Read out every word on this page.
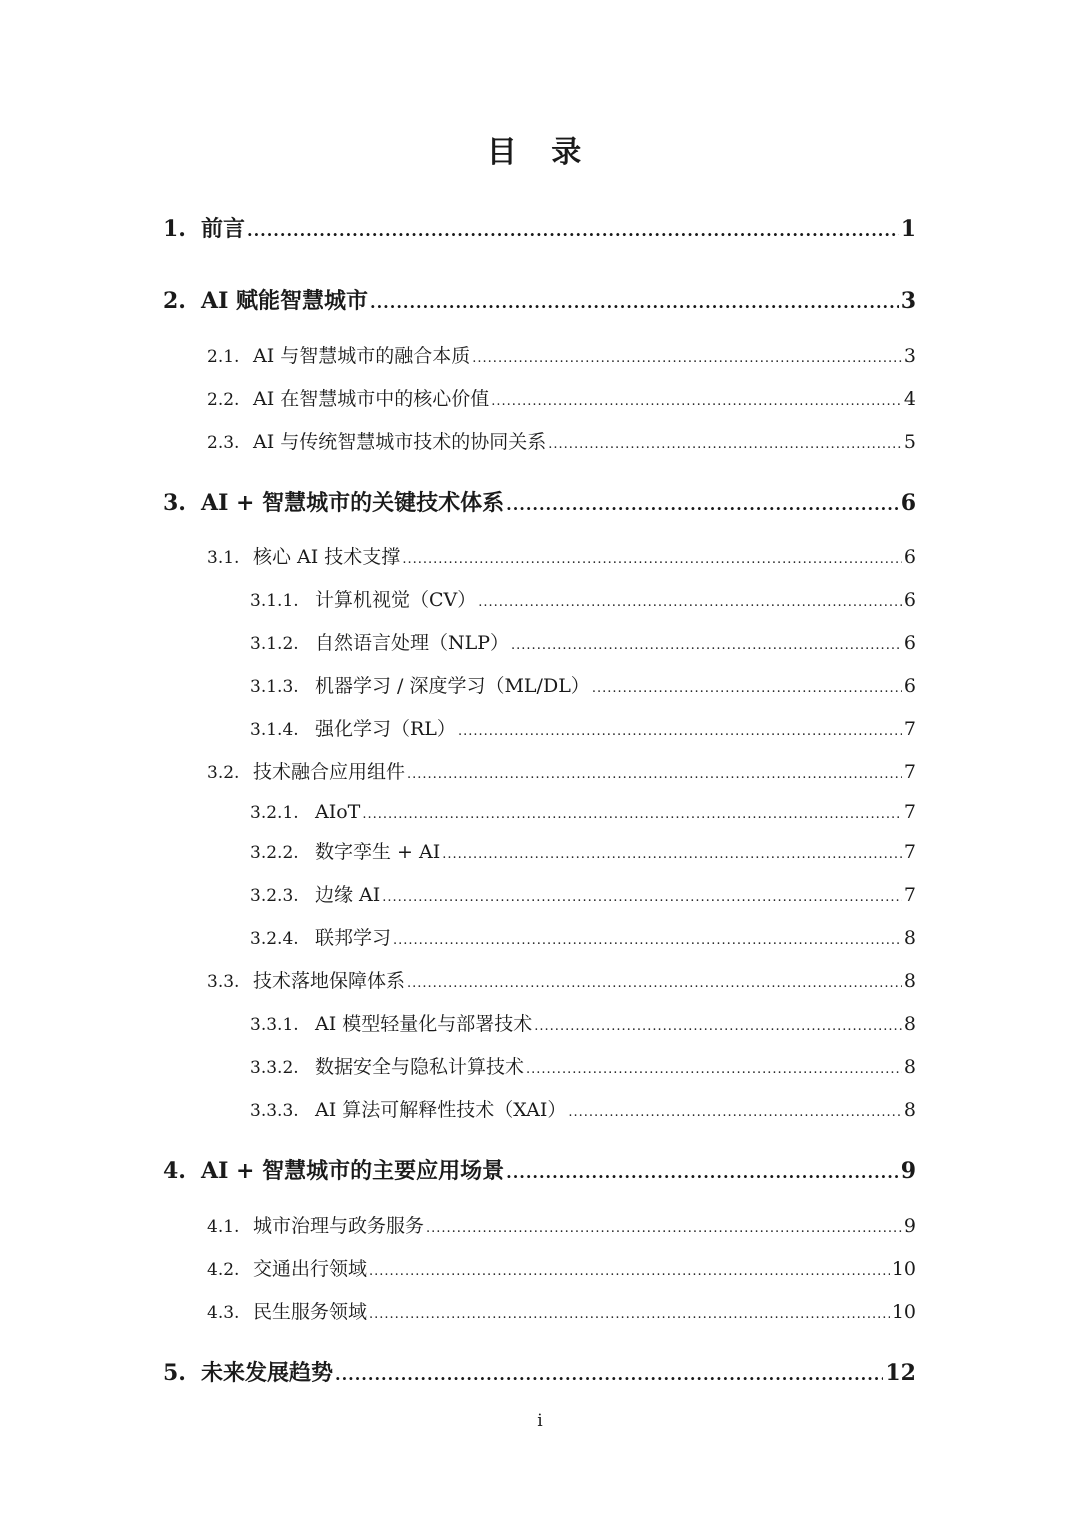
目 录
1. 前言 .....	1
2. AI 赋能智慧城市 .....	3
2.1. AI 与智慧城市的融合本质 .....	3
2.2. AI 在智慧城市中的核心价值 .....	4
2.3. AI 与传统智慧城市技术的协同关系 .....	5
3. AI + 智慧城市的关键技术体系 .....	6
3.1. 核心 AI 技术支撑 .....	6
3.1.1. 计算机视觉（CV） .....	6
3.1.2. 自然语言处理（NLP） .....	6
3.1.3. 机器学习 / 深度学习（ML/DL） .....	6
3.1.4. 强化学习（RL） .....	7
3.2. 技术融合应用组件 .....	7
3.2.1. AIoT .....	7
3.2.2. 数字孪生 + AI .....	7
3.2.3. 边缘 AI .....	7
3.2.4. 联邦学习 .....	8
3.3. 技术落地保障体系 .....	8
3.3.1. AI 模型轻量化与部署技术 .....	8
3.3.2. 数据安全与隐私计算技术 .....	8
3.3.3. AI 算法可解释性技术（XAI） .....	8
4. AI + 智慧城市的主要应用场景 .....	9
4.1. 城市治理与政务服务 .....	9
4.2. 交通出行领域 .....	10
4.3. 民生服务领域 .....	10
5. 未来发展趋势 .....	12
i
